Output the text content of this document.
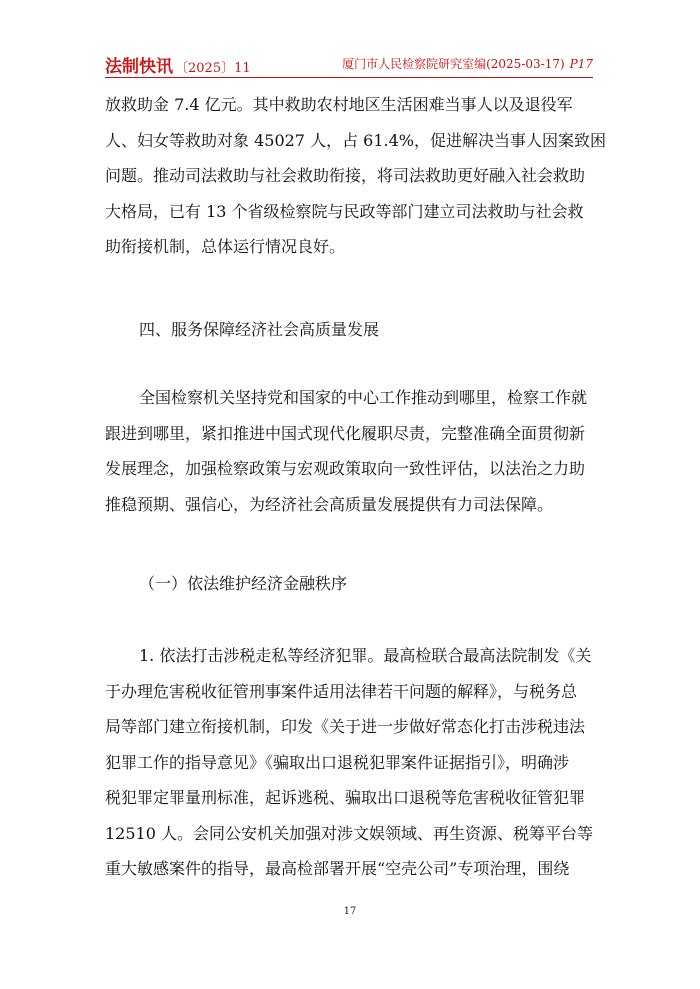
法制快讯 〔2025〕11	厦门市人民检察院研究室编(2025-03-17) P17
放救助金 7.4 亿元。其中救助农村地区生活困难当事人以及退役军
人、妇女等救助对象 45027 人，占 61.4%，促进解决当事人因案致困
问题。推动司法救助与社会救助衔接，将司法救助更好融入社会救助
大格局，已有 13 个省级检察院与民政等部门建立司法救助与社会救
助衔接机制，总体运行情况良好。
四、服务保障经济社会高质量发展
全国检察机关坚持党和国家的中心工作推动到哪里，检察工作就
跟进到哪里，紧扣推进中国式现代化履职尽责，完整准确全面贯彻新
发展理念，加强检察政策与宏观政策取向一致性评估，以法治之力助
推稳预期、强信心，为经济社会高质量发展提供有力司法保障。
（一）依法维护经济金融秩序
1. 依法打击涉税走私等经济犯罪。最高检联合最高法院制发《关
于办理危害税收征管刑事案件适用法律若干问题的解释》，与税务总
局等部门建立衔接机制，印发《关于进一步做好常态化打击涉税违法
犯罪工作的指导意见》《骗取出口退税犯罪案件证据指引》，明确涉
税犯罪定罪量刑标准，起诉逃税、骗取出口退税等危害税收征管犯罪
12510 人。会同公安机关加强对涉文娱领域、再生资源、税筹平台等
重大敏感案件的指导，最高检部署开展“空壳公司”专项治理，围绕
17
